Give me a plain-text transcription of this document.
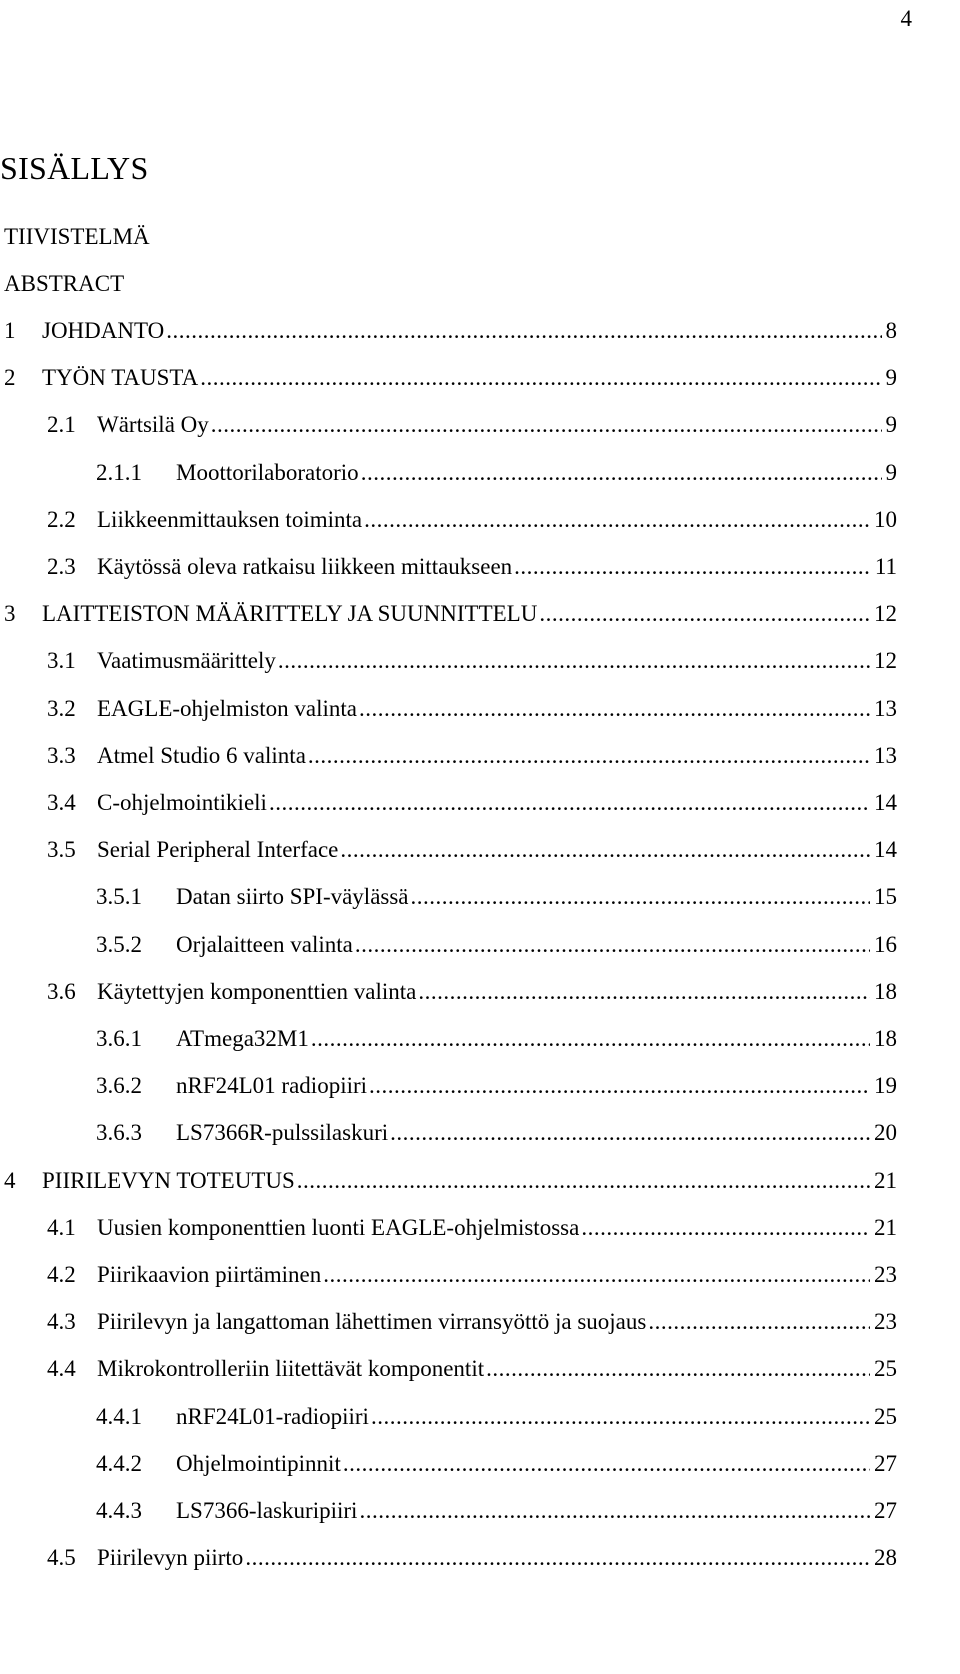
4
SISÄLLYS
TIIVISTELMÄ
ABSTRACT
1	JOHDANTO .....	8
2	TYÖN TAUSTA .....	9
2.1 Wärtsilä Oy .....	9
2.1.1	Moottorilaboratorio .....	9
2.2 Liikkeenmittauksen toiminta .....	10
2.3 Käytössä oleva ratkaisu liikkeen mittaukseen .....	11
3	LAITTEISTON MÄÄRITTELY JA SUUNNITTELU .....	12
3.1 Vaatimusmäärittely .....	12
3.2 EAGLE-ohjelmiston valinta .....	13
3.3 Atmel Studio 6 valinta .....	13
3.4 C-ohjelmointikieli .....	14
3.5 Serial Peripheral Interface .....	14
3.5.1	Datan siirto SPI-väylässä .....	15
3.5.2	Orjalaitteen valinta .....	16
3.6 Käytettyjen komponenttien valinta .....	18
3.6.1	ATmega32M1 .....	18
3.6.2	nRF24L01 radiopiiri .....	19
3.6.3	LS7366R-pulssilaskuri .....	20
4	PIIRILEVYN TOTEUTUS .....	21
4.1 Uusien komponenttien luonti EAGLE-ohjelmistossa .....	21
4.2 Piirikaavion piirtäminen .....	23
4.3 Piirilevyn ja langattoman lähettimen virransyöttö ja suojaus .....	23
4.4 Mikrokontrolleriin liitettävät komponentit .....	25
4.4.1	nRF24L01-radiopiiri .....	25
4.4.2	Ohjelmointipinnit .....	27
4.4.3	LS7366-laskuripiiri .....	27
4.5 Piirilevyn piirto .....	28
